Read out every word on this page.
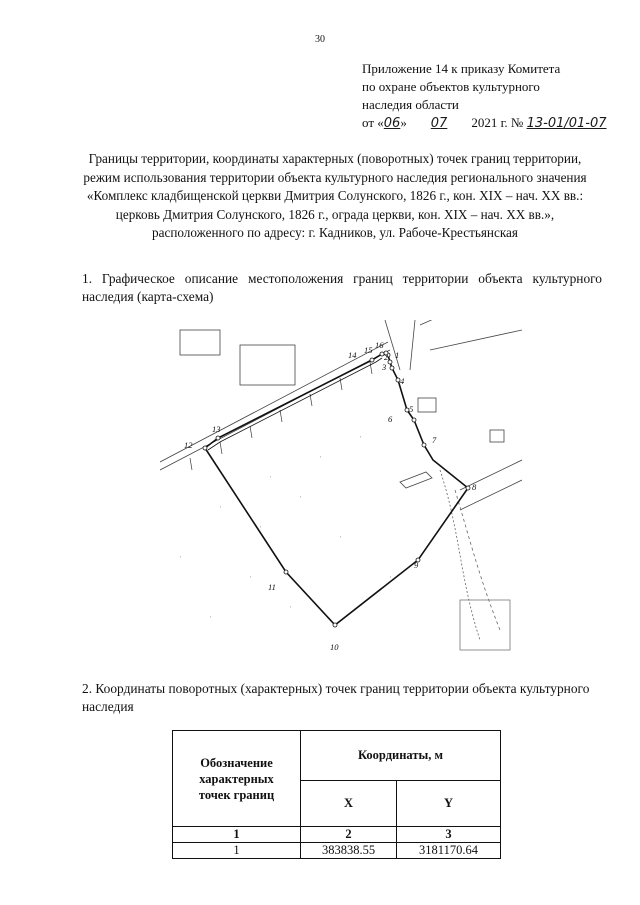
30
Приложение 14 к приказу Комитета
по охране объектов культурного
наследия области
от «06» 07 2021 г. № 13-01/01-07
Границы территории, координаты характерных (поворотных) точек границ территории, режим использования территории объекта культурного наследия регионального значения «Комплекс кладбищенской церкви Дмитрия Солунского, 1826 г., кон. XIX – нач. XX вв.: церковь Дмитрия Солунского, 1826 г., ограда церкви, кон. XIX – нач. XX вв.», расположенного по адресу: г. Кадников, ул. Рабоче-Крестьянская
1. Графическое описание местоположения границ территории объекта культурного наследия (карта-схема)
'
'
'
'
'
'
'
'
'
'
'
'
1
2
3
4
5
6
7
8
9
10
11
12
13
14 15 16
2. Координаты поворотных (характерных) точек границ территории объекта культурного наследия
Обозначение характерных точек границ	Координаты, м	
	X	Y
1	2	3
1	383838.55	3181170.64
